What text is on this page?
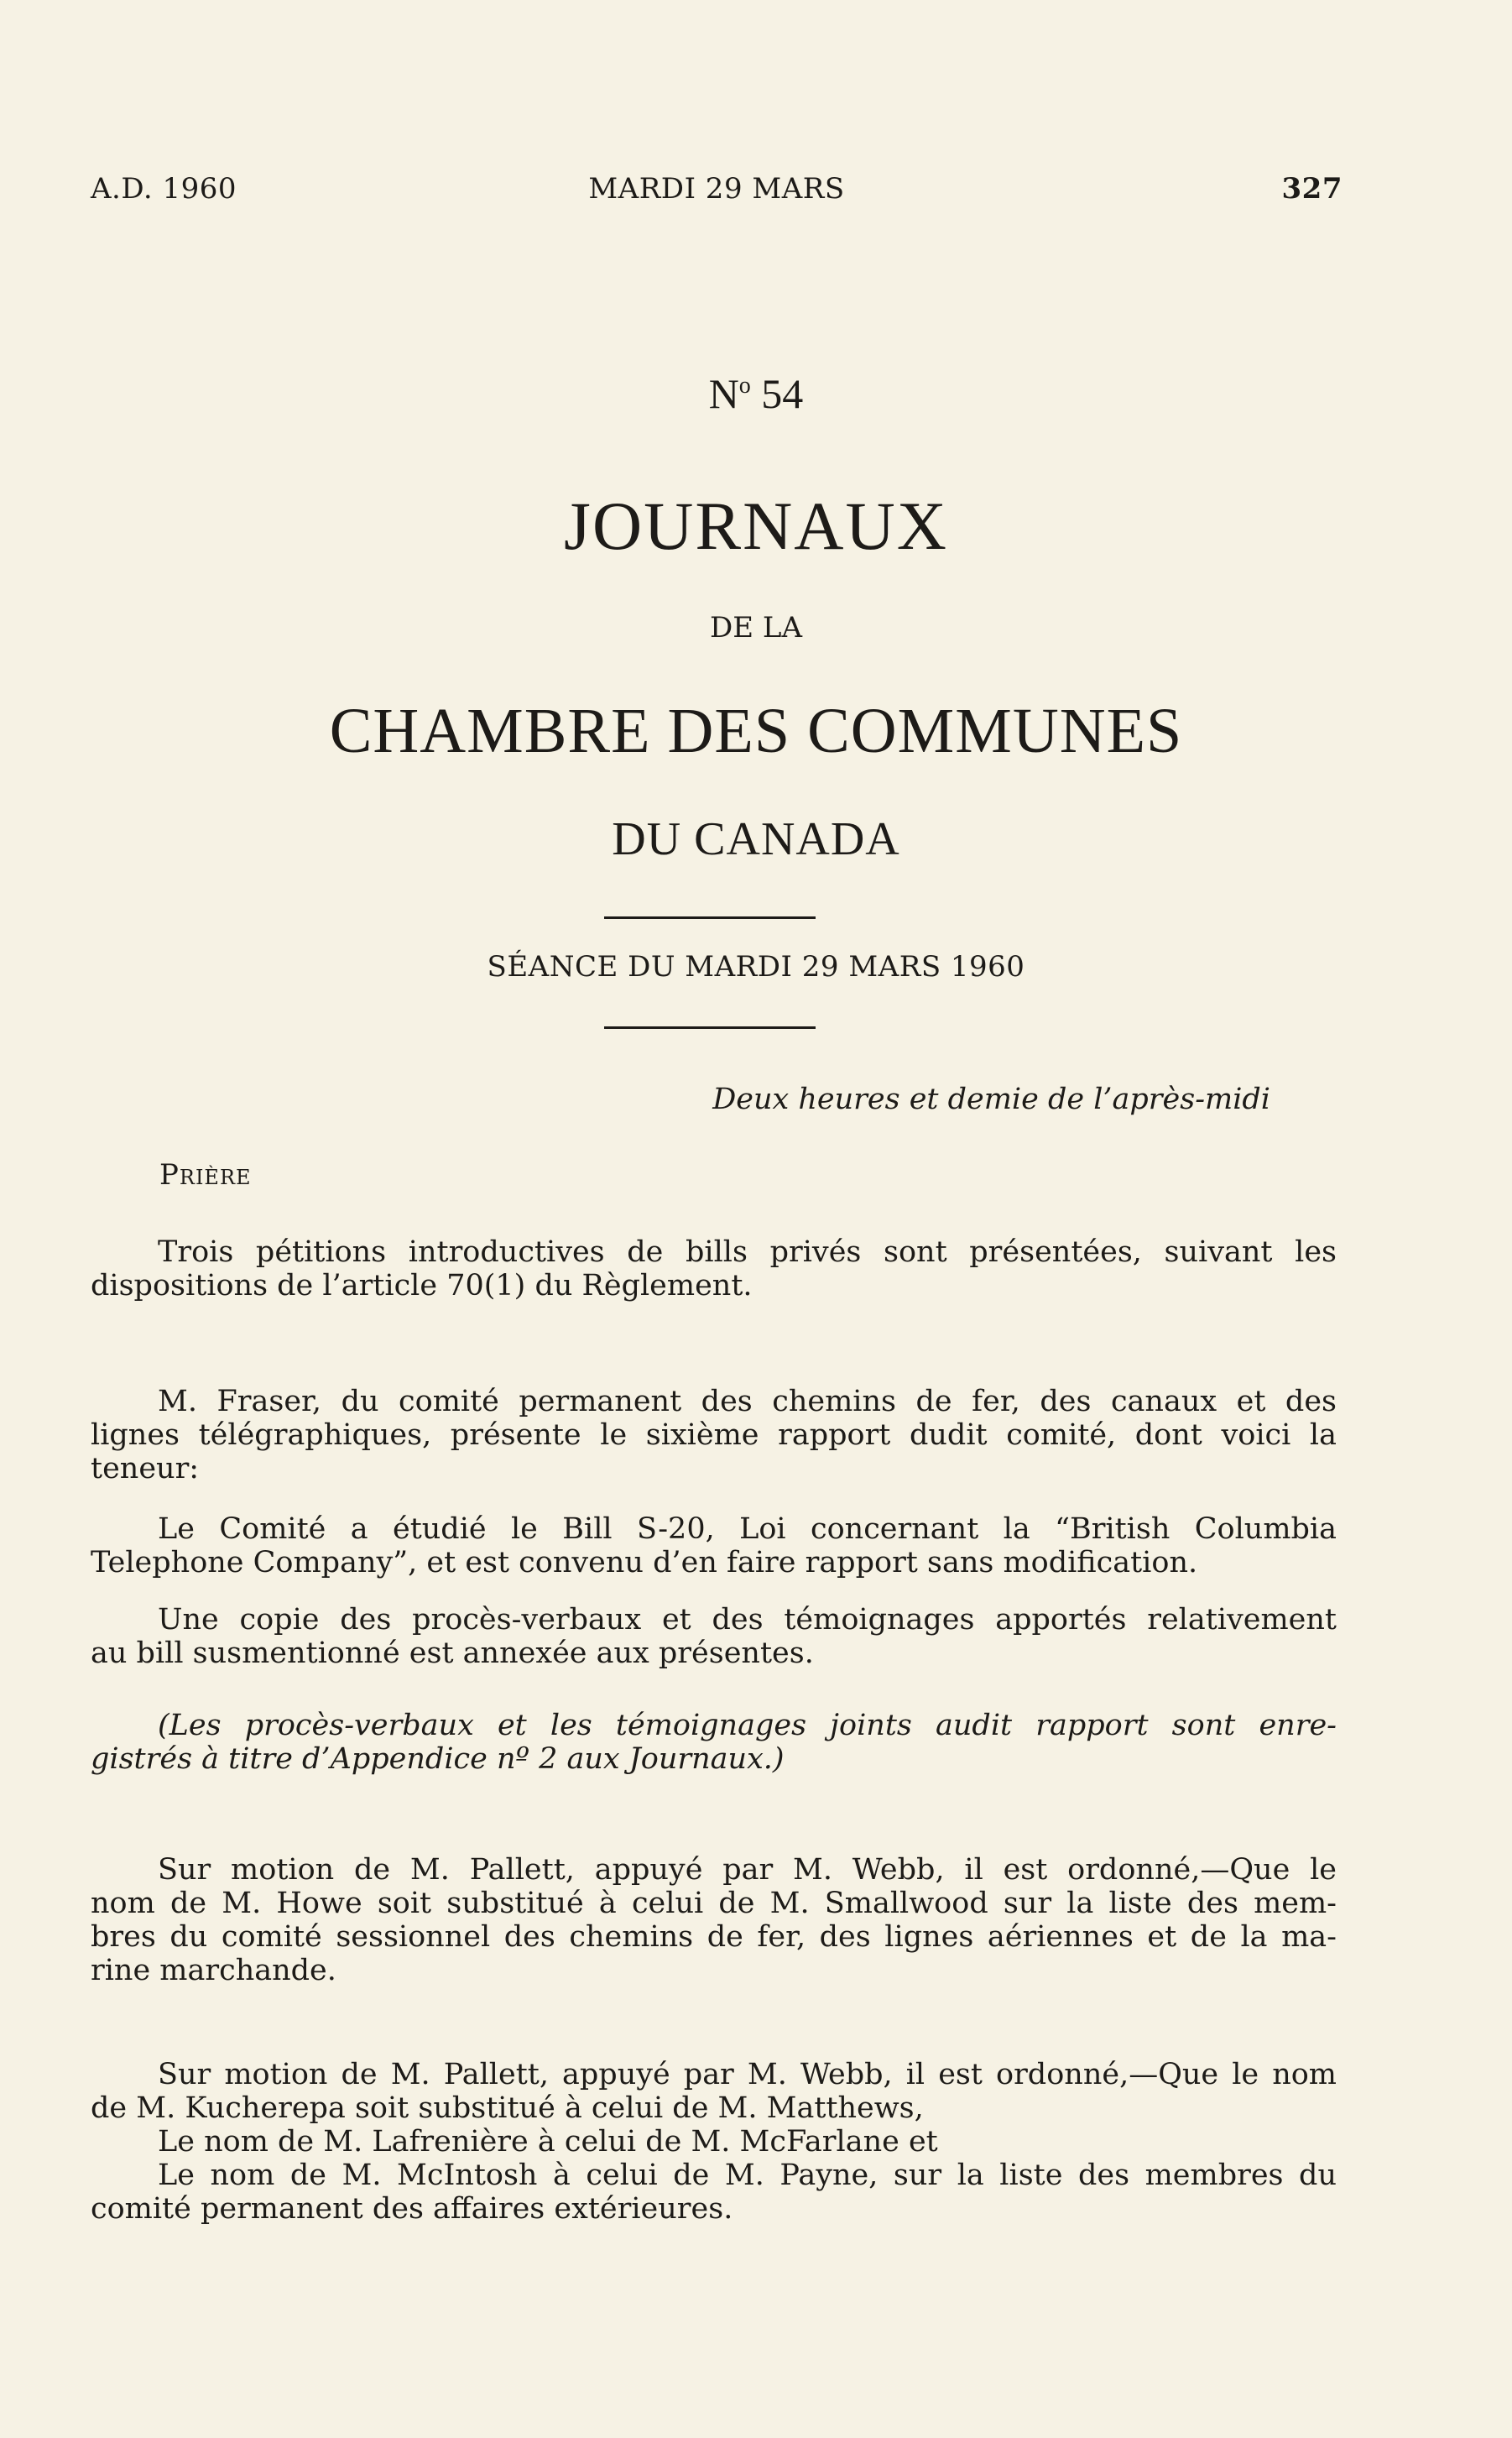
A.D. 1960	MARDI 29 MARS	327
$N^o$ 54
JOURNAUX
DE LA
CHAMBRE DES COMMUNES
DU CANADA
SÉANCE DU MARDI 29 MARS 1960
Deux heures et demie de l’après-midi
Prière
Trois pétitions introductives de bills privés sont présentées, suivant les
dispositions de l’article 70(1) du Règlement.
M. Fraser, du comité permanent des chemins de fer, des canaux et des
lignes télégraphiques, présente le sixième rapport dudit comité, dont voici la
teneur:
Le Comité a étudié le Bill S-20, Loi concernant la “British Columbia
Telephone Company”, et est convenu d’en faire rapport sans modification.
Une copie des procès-verbaux et des témoignages apportés relativement
au bill susmentionné est annexée aux présentes.
(Les procès-verbaux et les témoignages joints audit rapport sont enre-
gistrés à titre d’Appendice nº 2 aux Journaux.)
Sur motion de M. Pallett, appuyé par M. Webb, il est ordonné,—Que le
nom de M. Howe soit substitué à celui de M. Smallwood sur la liste des mem-
bres du comité sessionnel des chemins de fer, des lignes aériennes et de la ma-
rine marchande.
Sur motion de M. Pallett, appuyé par M. Webb, il est ordonné,—Que le nom
de M. Kucherepa soit substitué à celui de M. Matthews,
Le nom de M. Lafrenière à celui de M. McFarlane et
Le nom de M. McIntosh à celui de M. Payne, sur la liste des membres du
comité permanent des affaires extérieures.
